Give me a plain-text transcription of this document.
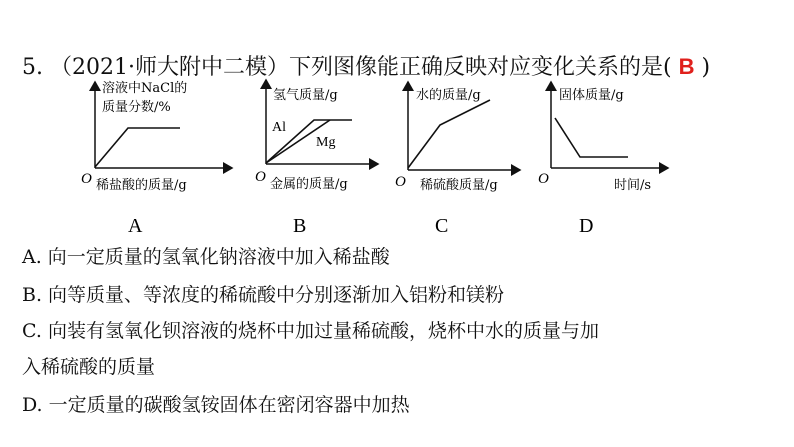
5. （2021·师大附中二模）下列图像能正确反映对应变化关系的是( B )
溶液中NaCl的
质量分数/%
O 稀盐酸的质量/g
A
氢气质量/g
Al
Mg
O 金属的质量/g
B
水的质量/g
O 稀硫酸质量/g
C
固体质量/g
O	时间/s
D
A. 向一定质量的氢氧化钠溶液中加入稀盐酸
B. 向等质量、等浓度的稀硫酸中分别逐渐加入铝粉和镁粉
C. 向装有氢氧化钡溶液的烧杯中加过量稀硫酸，烧杯中水的质量与加
入稀硫酸的质量
D. 一定质量的碳酸氢铵固体在密闭容器中加热
